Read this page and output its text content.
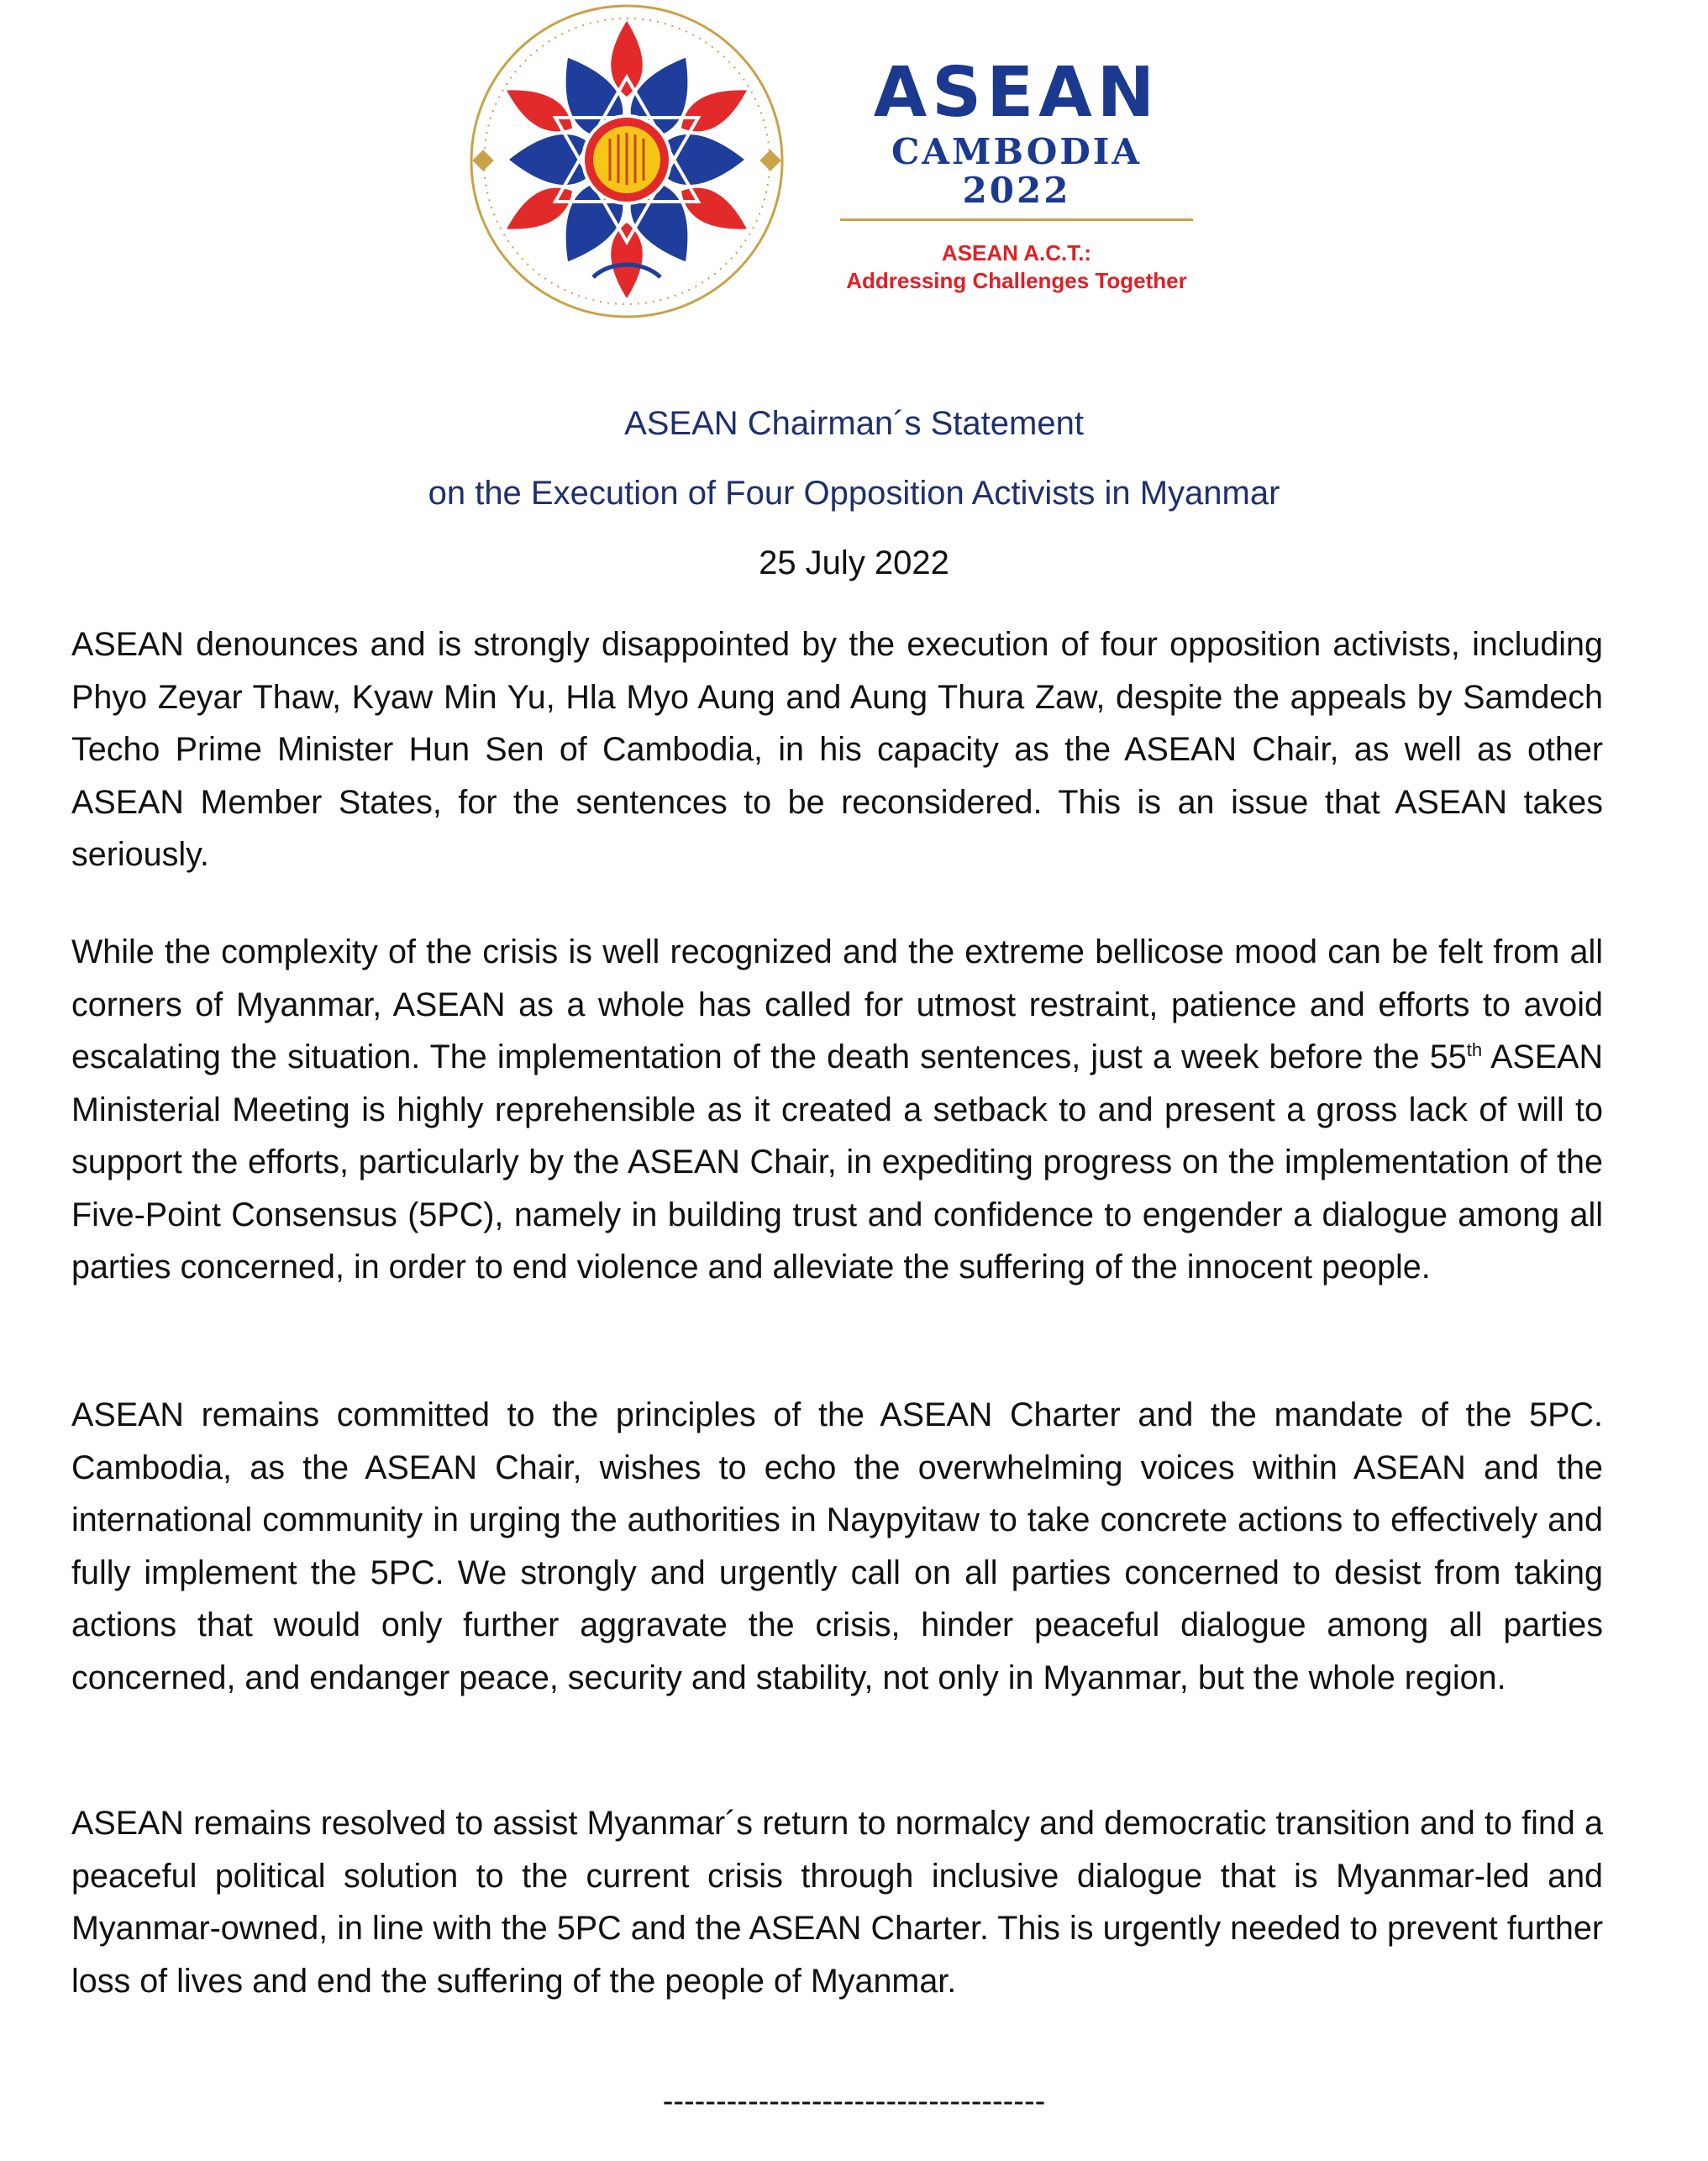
ASEAN
CAMBODIA 2022
ASEAN A.C.T.:
Addressing Challenges Together
ASEAN Chairman´s Statement
on the Execution of Four Opposition Activists in Myanmar
25 July 2022

ASEAN denounces and is strongly disappointed by the execution of four opposition activists, including Phyo Zeyar Thaw, Kyaw Min Yu, Hla Myo Aung and Aung Thura Zaw, despite the appeals by Samdech Techo Prime Minister Hun Sen of Cambodia, in his capacity as the ASEAN Chair, as well as other ASEAN Member States, for the sentences to be reconsidered. This is an issue that ASEAN takes seriously.

While the complexity of the crisis is well recognized and the extreme bellicose mood can be felt from all corners of Myanmar, ASEAN as a whole has called for utmost restraint, patience and efforts to avoid escalating the situation. The implementation of the death sentences, just a week before the 55th ASEAN Ministerial Meeting is highly reprehensible as it created a setback to and present a gross lack of will to support the efforts, particularly by the ASEAN Chair, in expediting progress on the implementation of the Five-Point Consensus (5PC), namely in building trust and confidence to engender a dialogue among all parties concerned, in order to end violence and alleviate the suffering of the innocent people.

ASEAN remains committed to the principles of the ASEAN Charter and the mandate of the 5PC. Cambodia, as the ASEAN Chair, wishes to echo the overwhelming voices within ASEAN and the international community in urging the authorities in Naypyitaw to take concrete actions to effectively and fully implement the 5PC. We strongly and urgently call on all parties concerned to desist from taking actions that would only further aggravate the crisis, hinder peaceful dialogue among all parties concerned, and endanger peace, security and stability, not only in Myanmar, but the whole region.

ASEAN remains resolved to assist Myanmar´s return to normalcy and democratic transition and to find a peaceful political solution to the current crisis through inclusive dialogue that is Myanmar-led and Myanmar-owned, in line with the 5PC and the ASEAN Charter. This is urgently needed to prevent further loss of lives and end the suffering of the people of Myanmar.

------------------------------------
